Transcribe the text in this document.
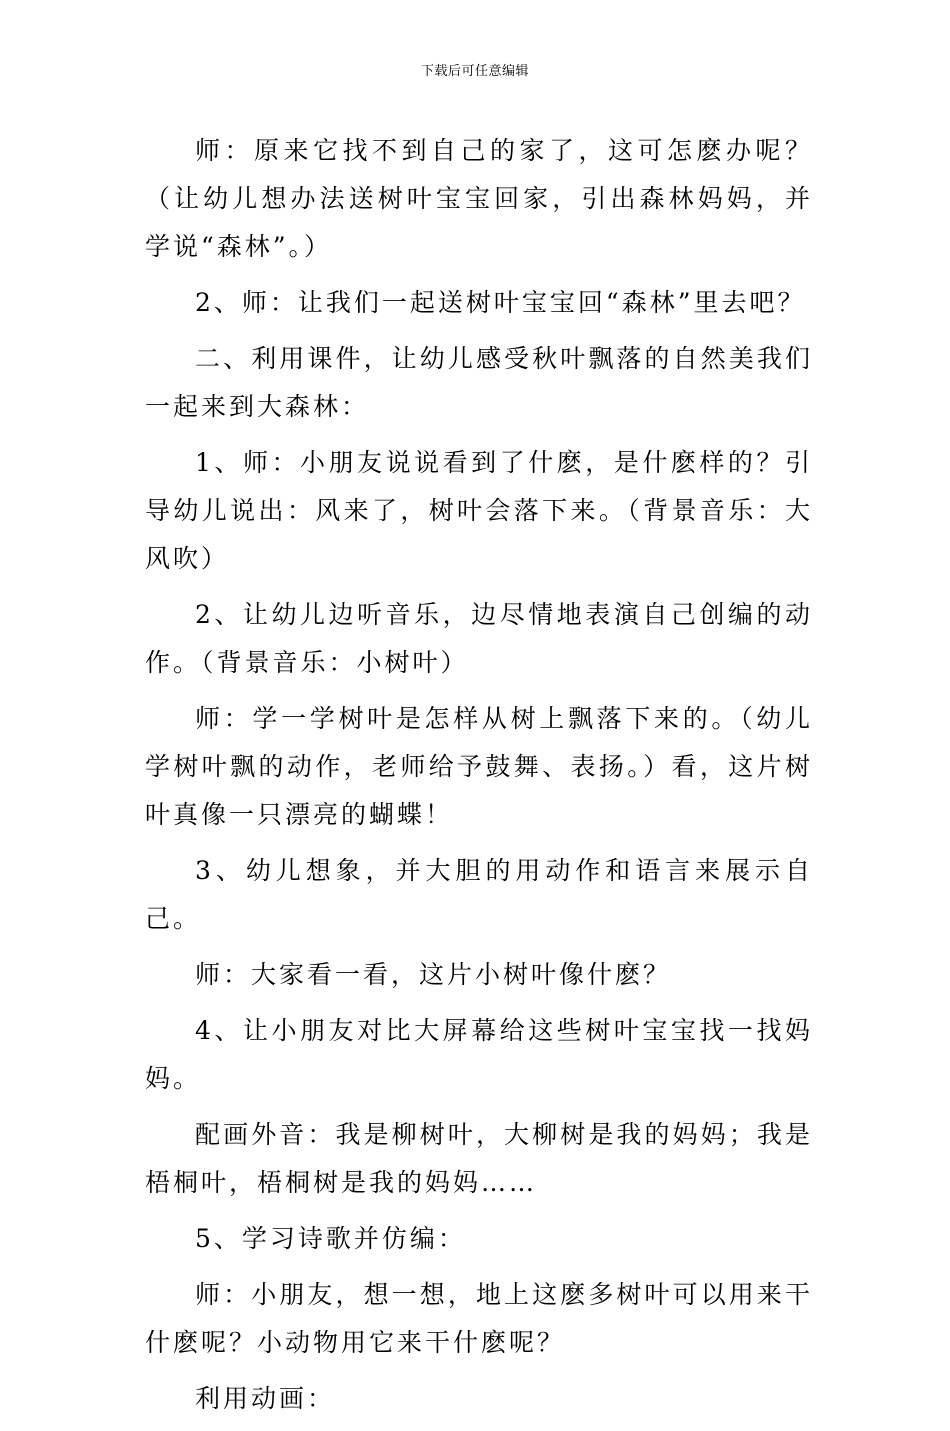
下载后可任意编辑

师：原来它找不到自己的家了，这可怎麽办呢？（让幼儿想办法送树叶宝宝回家，引出森林妈妈，并学说“森林”。）

2、师：让我们一起送树叶宝宝回“森林”里去吧？

二、利用课件，让幼儿感受秋叶飘落的自然美我们一起来到大森林：

1、师：小朋友说说看到了什麽，是什麽样的？引导幼儿说出：风来了，树叶会落下来。（背景音乐：大风吹）

2、让幼儿边听音乐，边尽情地表演自己创编的动作。（背景音乐：小树叶）

师：学一学树叶是怎样从树上飘落下来的。（幼儿学树叶飘的动作，老师给予鼓舞、表扬。）看，这片树叶真像一只漂亮的蝴蝶！

3、幼儿想象，并大胆的用动作和语言来展示自己。

师：大家看一看，这片小树叶像什麽？

4、让小朋友对比大屏幕给这些树叶宝宝找一找妈妈。

配画外音：我是柳树叶，大柳树是我的妈妈；我是梧桐叶，梧桐树是我的妈妈……

5、学习诗歌并仿编：

师：小朋友，想一想，地上这麽多树叶可以用来干什麽呢？小动物用它来干什麽呢？

利用动画：
